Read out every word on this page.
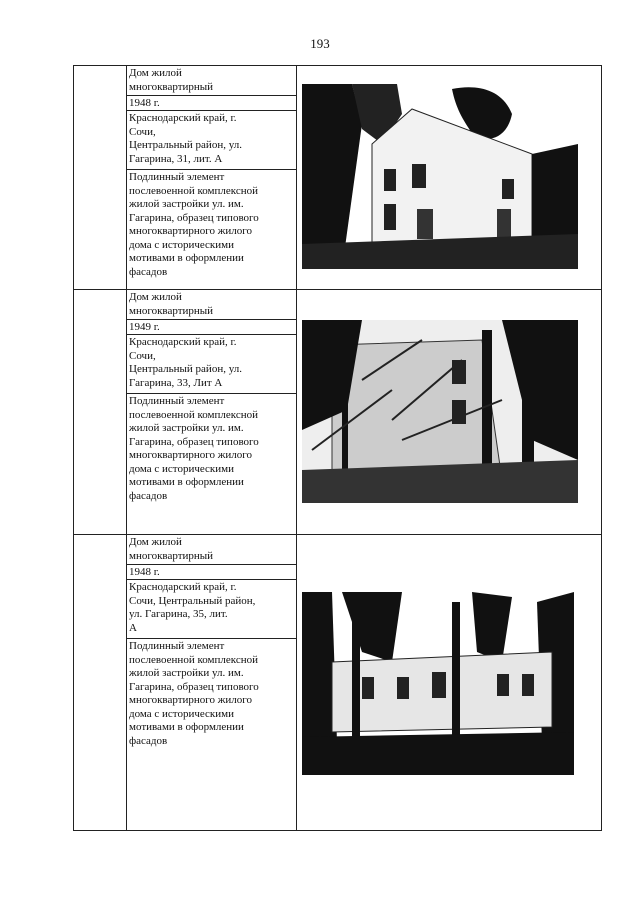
193
Дом жилой
многоквартирный
1948 г.
Краснодарский край, г.
Сочи,
Центральный район, ул.
Гагарина, 31, лит. А
Подлинный элемент
послевоенной комплексной
жилой застройки ул. им.
Гагарина, образец типового
многоквартирного жилого
дома с историческими
мотивами в оформлении
фасадов
Дом жилой
многоквартирный
1949 г.
Краснодарский край, г.
Сочи,
Центральный район, ул.
Гагарина, 33, Лит А
Подлинный элемент
послевоенной комплексной
жилой застройки ул. им.
Гагарина, образец типового
многоквартирного жилого
дома с историческими
мотивами в оформлении
фасадов
Дом жилой
многоквартирный
1948 г.
Краснодарский край, г.
Сочи, Центральный район,
ул. Гагарина, 35, лит.
А
Подлинный элемент
послевоенной комплексной
жилой застройки ул. им.
Гагарина, образец типового
многоквартирного жилого
дома с историческими
мотивами в оформлении
фасадов
